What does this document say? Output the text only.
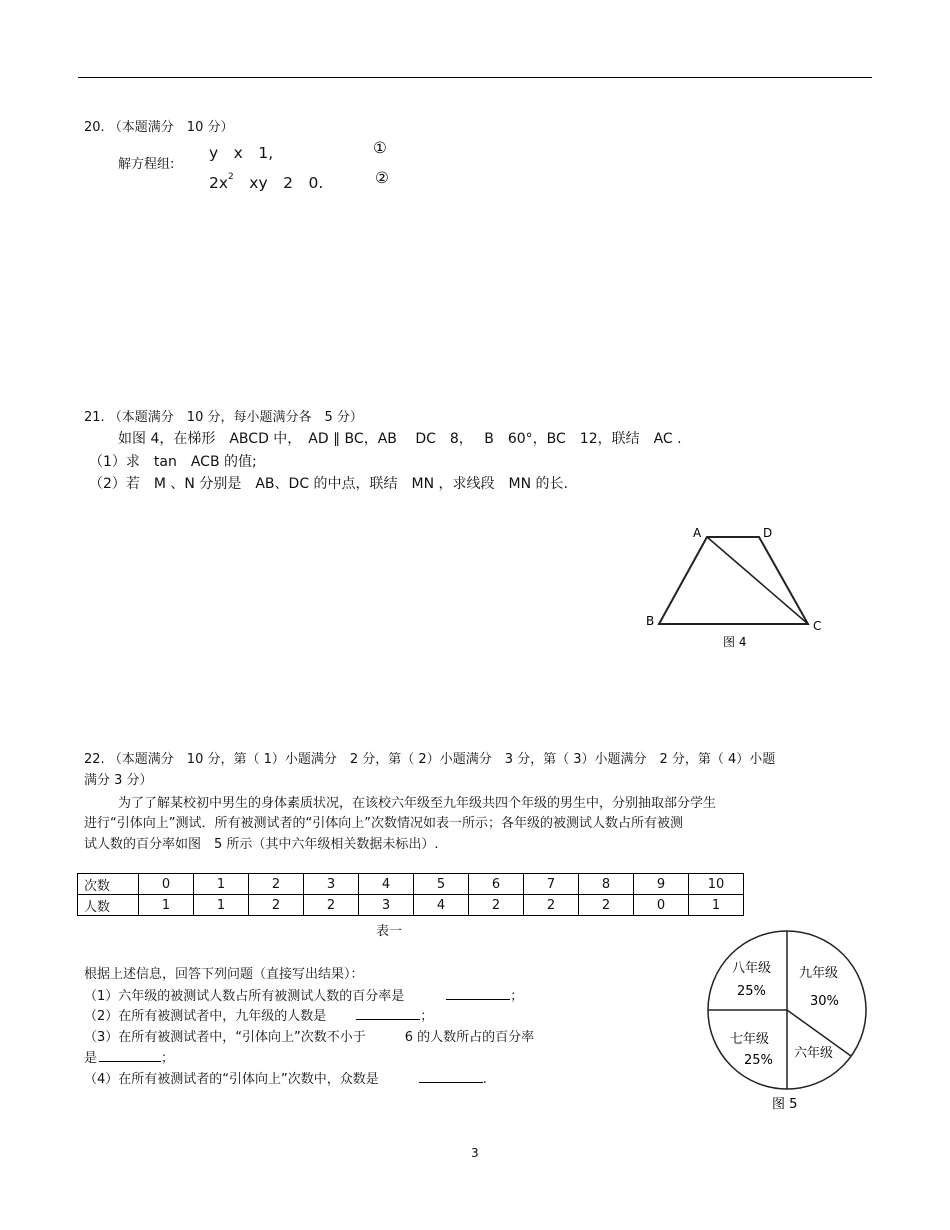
20. （本题满分　10 分）
解方程组:
y　x　1,	①
$2x^2$　xy　2　0.	②
21. （本题满分　10 分，每小题满分各　5 分）
如图 4，在梯形　ABCD 中，　AD ∥ BC，AB　 DC　8，　 B　60°，BC　12，联结　AC .
（1）求　tan　ACB 的值;
（2）若　M 、N 分别是　AB、DC 的中点，联结　MN ，求线段　MN 的长.
A	D
B	C
图 4
22. （本题满分　10 分，第（ 1）小题满分　2 分，第（ 2）小题满分　3 分，第（ 3）小题满分　2 分，第（ 4）小题
满分 3 分）
为了了解某校初中男生的身体素质状况，在该校六年级至九年级共四个年级的男生中，分别抽取部分学生
进行“引体向上”测试．所有被测试者的“引体向上”次数情况如表一所示；各年级的被测试人数占所有被测
试人数的百分率如图　5 所示（其中六年级相关数据未标出）.
次数	0	1	2	3	4	5	6	7	8	9	10
人数	1	1	2	2	3	4	2	2	2	0	1
表一
根据上述信息，回答下列问题（直接写出结果）：
（1）六年级的被测试人数占所有被测试人数的百分率是	；
（2）在所有被测试者中，九年级的人数是	；
（3）在所有被测试者中，“引体向上”次数不小于　　　6 的人数所占的百分率
是	；
（4）在所有被测试者的“引体向上”次数中，众数是	.
八年级
25%
九年级
30%
六年级
七年级
25%
图 5
3
